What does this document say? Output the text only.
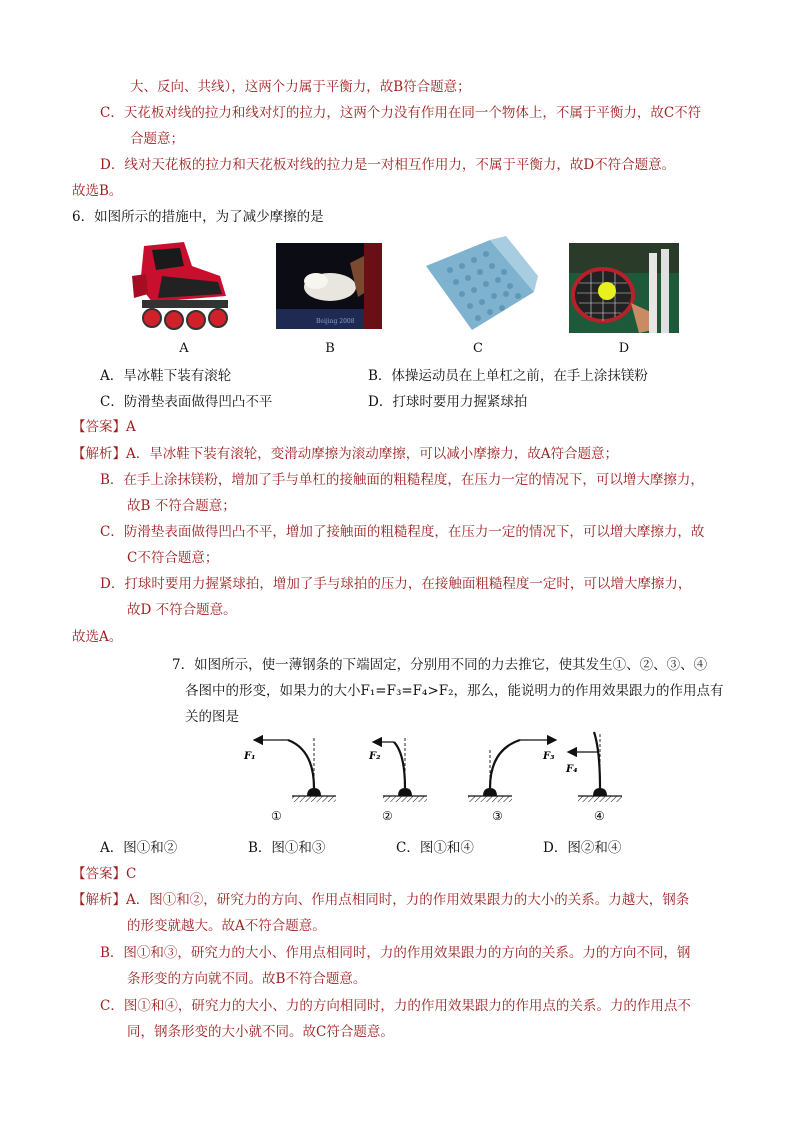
大、反向、共线），这两个力属于平衡力，故B符合题意；
C．天花板对线的拉力和线对灯的拉力，这两个力没有作用在同一个物体上，不属于平衡力，故C不符
合题意；
D．线对天花板的拉力和天花板对线的拉力是一对相互作用力，不属于平衡力，故D不符合题意。
故选B。
6．如图所示的措施中，为了减少摩擦的是
Beijing 2008
A	B	C	D
A．旱冰鞋下装有滚轮	B．体操运动员在上单杠之前，在手上涂抹镁粉
C．防滑垫表面做得凹凸不平	D．打球时要用力握紧球拍
【答案】A
【解析】A．旱冰鞋下装有滚轮，变滑动摩擦为滚动摩擦，可以减小摩擦力，故A符合题意；
B．在手上涂抹镁粉，增加了手与单杠的接触面的粗糙程度，在压力一定的情况下，可以增大摩擦力，
故B 不符合题意；
C．防滑垫表面做得凹凸不平，增加了接触面的粗糙程度，在压力一定的情况下，可以增大摩擦力，故
C不符合题意；
D．打球时要用力握紧球拍，增加了手与球拍的压力，在接触面粗糙程度一定时，可以增大摩擦力，
故D 不符合题意。
故选A。
7．如图所示，使一薄钢条的下端固定，分别用不同的力去推它，使其发生①、②、③、④
各图中的形变，如果力的大小F₁=F₃=F₄>F₂，那么，能说明力的作用效果跟力的作用点有
关的图是
F₁	F₂	F₃
F₄
①	②	③	④
A．图①和②	B．图①和③	C．图①和④	D．图②和④
【答案】C
【解析】A．图①和②，研究力的方向、作用点相同时，力的作用效果跟力的大小的关系。力越大，钢条
的形变就越大。故A不符合题意。
B．图①和③，研究力的大小、作用点相同时，力的作用效果跟力的方向的关系。力的方向不同，钢
条形变的方向就不同。故B不符合题意。
C．图①和④，研究力的大小、力的方向相同时，力的作用效果跟力的作用点的关系。力的作用点不
同，钢条形变的大小就不同。故C符合题意。
